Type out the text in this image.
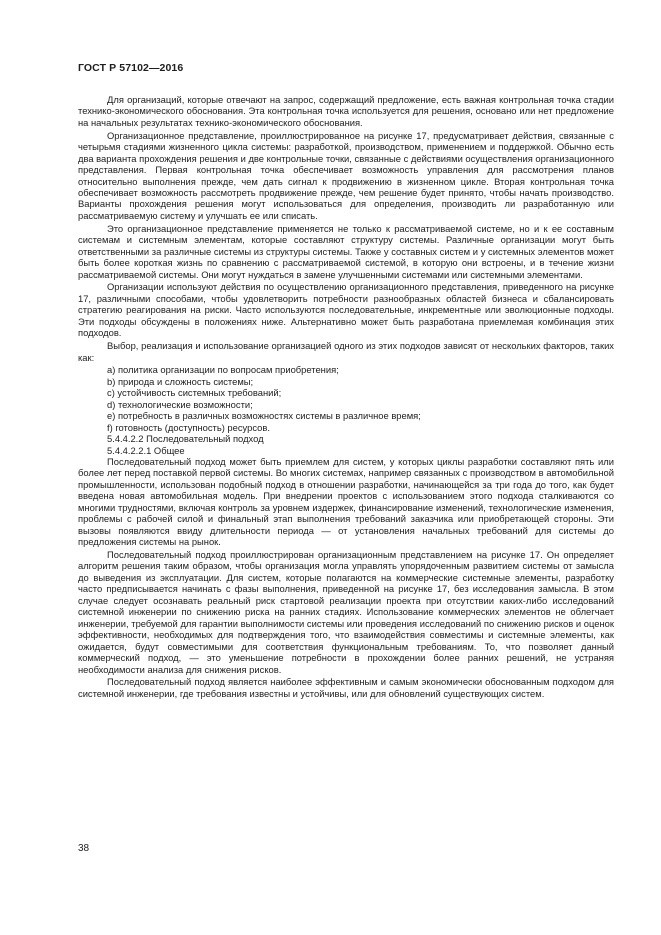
ГОСТ Р 57102—2016

Для организаций, которые отвечают на запрос, содержащий предложение, есть важная контрольная точка стадии технико-экономического обоснования. Эта контрольная точка используется для решения, основано или нет предложение на начальных результатах технико-экономического обоснования.

Организационное представление, проиллюстрированное на рисунке 17, предусматривает действия, связанные с четырьмя стадиями жизненного цикла системы: разработкой, производством, применением и поддержкой. Обычно есть два варианта прохождения решения и две контрольные точки, связанные с действиями осуществления организационного представления. Первая контрольная точка обеспечивает возможность управления для рассмотрения планов относительно выполнения прежде, чем дать сигнал к продвижению в жизненном цикле. Вторая контрольная точка обеспечивает возможность рассмотреть продвижение прежде, чем решение будет принято, чтобы начать производство. Варианты прохождения решения могут использоваться для определения, производить ли разработанную или рассматриваемую систему и улучшать ее или списать.

Это организационное представление применяется не только к рассматриваемой системе, но и к ее составным системам и системным элементам, которые составляют структуру системы. Различные организации могут быть ответственными за различные системы из структуры системы. Также у составных систем и у системных элементов может быть более короткая жизнь по сравнению с рассматриваемой системой, в которую они встроены, и в течение жизни рассматриваемой системы. Они могут нуждаться в замене улучшенными системами или системными элементами.

Организации используют действия по осуществлению организационного представления, приведенного на рисунке 17, различными способами, чтобы удовлетворить потребности разнообразных областей бизнеса и сбалансировать стратегию реагирования на риски. Часто используются последовательные, инкрементные или эволюционные подходы. Эти подходы обсуждены в положениях ниже. Альтернативно может быть разработана приемлемая комбинация этих подходов.

Выбор, реализация и использование организацией одного из этих подходов зависят от нескольких факторов, таких как:

a) политика организации по вопросам приобретения;

b) природа и сложность системы;

c) устойчивость системных требований;

d) технологические возможности;

e) потребность в различных возможностях системы в различное время;

f) готовность (доступность) ресурсов.

5.4.4.2.2 Последовательный подход

5.4.4.2.2.1 Общее

Последовательный подход может быть приемлем для систем, у которых циклы разработки составляют пять или более лет перед поставкой первой системы. Во многих системах, например связанных с производством в автомобильной промышленности, использован подобный подход в отношении разработки, начинающейся за три года до того, как будет введена новая автомобильная модель. При внедрении проектов с использованием этого подхода сталкиваются со многими трудностями, включая контроль за уровнем издержек, финансирование изменений, технологические изменения, проблемы с рабочей силой и финальный этап выполнения требований заказчика или приобретающей стороны. Эти вызовы появляются ввиду длительности периода — от установления начальных требований для системы до предложения системы на рынок.

Последовательный подход проиллюстрирован организационным представлением на рисунке 17. Он определяет алгоритм решения таким образом, чтобы организация могла управлять упорядоченным развитием системы от замысла до выведения из эксплуатации. Для систем, которые полагаются на коммерческие системные элементы, разработку часто предписывается начинать с фазы выполнения, приведенной на рисунке 17, без исследования замысла. В этом случае следует осознавать реальный риск стартовой реализации проекта при отсутствии каких-либо исследований системной инженерии по снижению риска на ранних стадиях. Использование коммерческих элементов не облегчает инженерии, требуемой для гарантии выполнимости системы или проведения исследований по снижению рисков и оценок эффективности, необходимых для подтверждения того, что взаимодействия совместимы и системные элементы, как ожидается, будут совместимыми для соответствия функциональным требованиям. То, что позволяет данный коммерческий подход, — это уменьшение потребности в прохождении более ранних решений, не устраняя необходимости анализа для снижения рисков.

Последовательный подход является наиболее эффективным и самым экономически обоснованным подходом для системной инженерии, где требования известны и устойчивы, или для обновлений существующих систем.

38
